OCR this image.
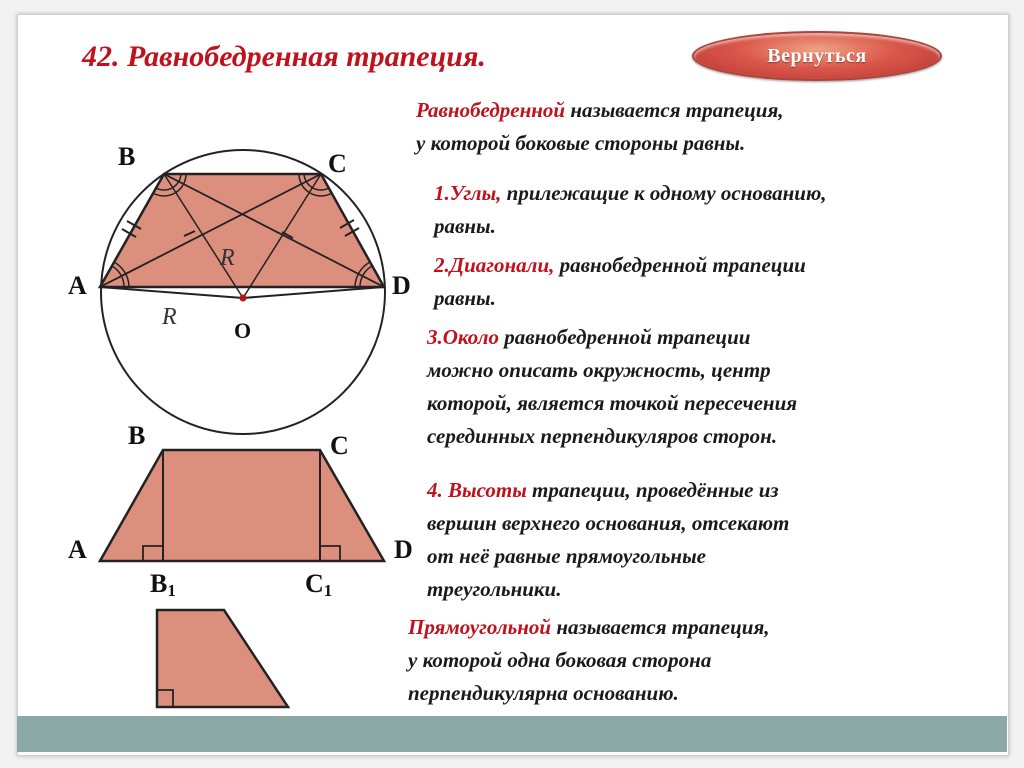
42. Равнобедренная трапеция.	Вернуться
B	C
A	D
O
R
R
B	C
A	D
B1	C1

Равнобедренной называется трапеция,

у которой боковые стороны равны.

1.Углы, прилежащие к одному основанию,

равны.

2.Диагонали, равнобедренной трапеции

равны.

3.Около равнобедренной трапеции

можно описать окружность, центр

которой, является точкой пересечения

серединных перпендикуляров сторон.

4. Высоты трапеции, проведённые из

вершин верхнего основания, отсекают

от неё равные прямоугольные

треугольники.

Прямоугольной называется трапеция,

у которой одна боковая сторона

перпендикулярна основанию.
